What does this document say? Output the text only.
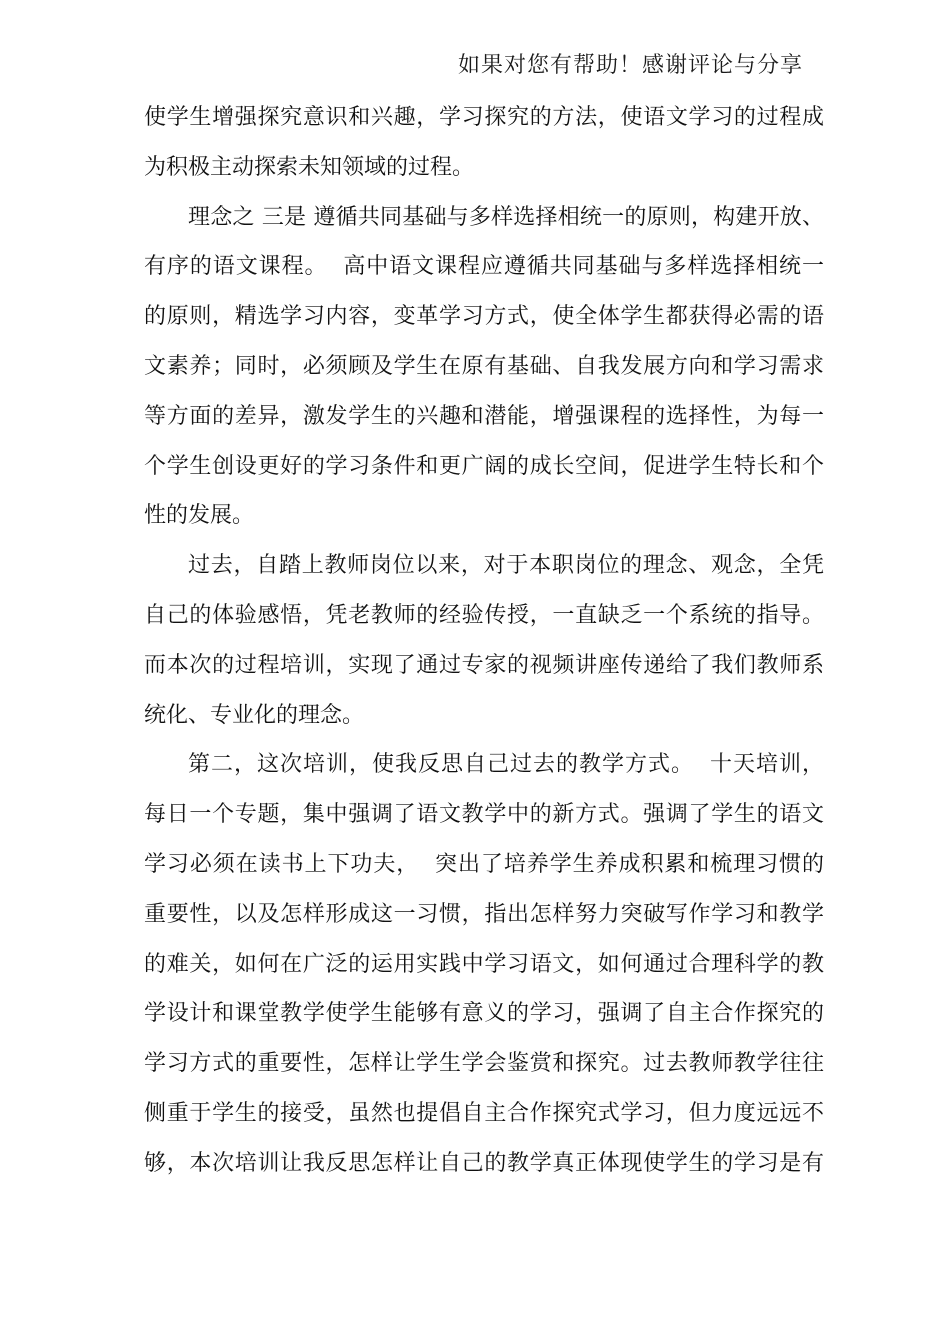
如果对您有帮助！感谢评论与分享
使学生增强探究意识和兴趣，学习探究的方法，使语文学习的过程成
为积极主动探索未知领域的过程。
理念之 三是 遵循共同基础与多样选择相统一的原则，构建开放、
有序的语文课程。  高中语文课程应遵循共同基础与多样选择相统一
的原则，精选学习内容，变革学习方式，使全体学生都获得必需的语
文素养；同时，必须顾及学生在原有基础、自我发展方向和学习需求
等方面的差异，激发学生的兴趣和潜能，增强课程的选择性，为每一
个学生创设更好的学习条件和更广阔的成长空间，促进学生特长和个
性的发展。
过去，自踏上教师岗位以来，对于本职岗位的理念、观念，全凭
自己的体验感悟，凭老教师的经验传授，一直缺乏一个系统的指导。
而本次的过程培训，实现了通过专家的视频讲座传递给了我们教师系
统化、专业化的理念。
第二，这次培训，使我反思自己过去的教学方式。  十天培训，
每日一个专题，集中强调了语文教学中的新方式。强调了学生的语文
学习必须在读书上下功夫，  突出了培养学生养成积累和梳理习惯的
重要性，以及怎样形成这一习惯，指出怎样努力突破写作学习和教学
的难关，如何在广泛的运用实践中学习语文，如何通过合理科学的教
学设计和课堂教学使学生能够有意义的学习，强调了自主合作探究的
学习方式的重要性，怎样让学生学会鉴赏和探究。过去教师教学往往
侧重于学生的接受，虽然也提倡自主合作探究式学习，但力度远远不
够，本次培训让我反思怎样让自己的教学真正体现使学生的学习是有
